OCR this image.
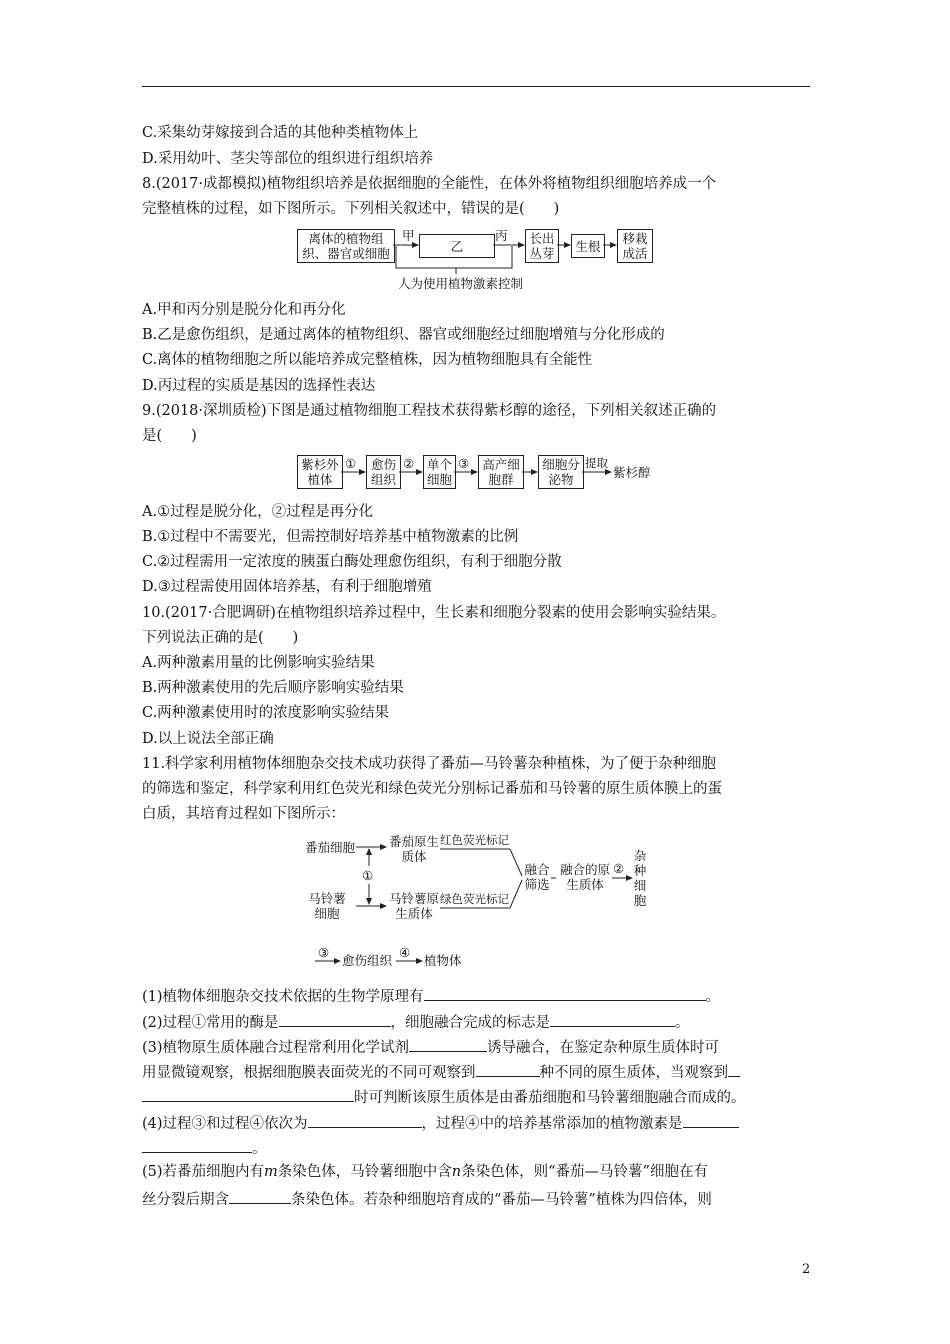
C.采集幼芽嫁接到合适的其他种类植物体上
D.采用幼叶、茎尖等部位的组织进行组织培养
8.(2017·成都模拟)植物组织培养是依据细胞的全能性，在体外将植物组织细胞培养成一个
完整植株的过程，如下图所示。下列相关叙述中，错误的是(　　)
离体的植物组织、器官或细胞
甲
乙
丙 长出丛芽 生根	移栽成活
人为使用植物激素控制
A.甲和丙分别是脱分化和再分化
B.乙是愈伤组织，是通过离体的植物组织、器官或细胞经过细胞增殖与分化形成的
C.离体的植物细胞之所以能培养成完整植株，因为植物细胞具有全能性
D.丙过程的实质是基因的选择性表达
9.(2018·深圳质检)下图是通过植物细胞工程技术获得紫杉醇的途径，下列相关叙述正确的
是(　　)
紫杉外植体
①	愈伤组织
② 单个细胞
③ 高产细胞群
细胞分泌物
提取
紫杉醇
A.①过程是脱分化，②过程是再分化
B.①过程中不需要光，但需控制好培养基中植物激素的比例
C.②过程需用一定浓度的胰蛋白酶处理愈伤组织，有利于细胞分散
D.③过程需使用固体培养基，有利于细胞增殖
10.(2017·合肥调研)在植物组织培养过程中，生长素和细胞分裂素的使用会影响实验结果。
下列说法正确的是(　　)
A.两种激素用量的比例影响实验结果
B.两种激素使用的先后顺序影响实验结果
C.两种激素使用时的浓度影响实验结果
D.以上说法全部正确
11.科学家利用植物体细胞杂交技术成功获得了番茄—马铃薯杂种植株，为了便于杂种细胞
的筛选和鉴定，科学家利用红色荧光和绿色荧光分别标记番茄和马铃薯的原生质体膜上的蛋
白质，其培育过程如下图所示：
番茄细胞
马铃薯细胞
①
番茄原生质体
马铃薯原生质体
红色荧光标记
绿色荧光标记
融合筛选
融合的原生质体
②
杂种细胞
③
愈伤组织
④
植物体
(1)植物体细胞杂交技术依据的生物学原理有	。
(2)过程①常用的酶是	，细胞融合完成的标志是	。
(3)植物原生质体融合过程常利用化学试剂	诱导融合，在鉴定杂种原生质体时可
用显微镜观察，根据细胞膜表面荧光的不同可观察到	种不同的原生质体，当观察到
时可判断该原生质体是由番茄细胞和马铃薯细胞融合而成的。
(4)过程③和过程④依次为	，过程④中的培养基常添加的植物激素是
。
(5)若番茄细胞内有m条染色体，马铃薯细胞中含n条染色体，则“番茄—马铃薯”细胞在有
丝分裂后期含	条染色体。若杂种细胞培育成的“番茄—马铃薯”植株为四倍体，则
2
